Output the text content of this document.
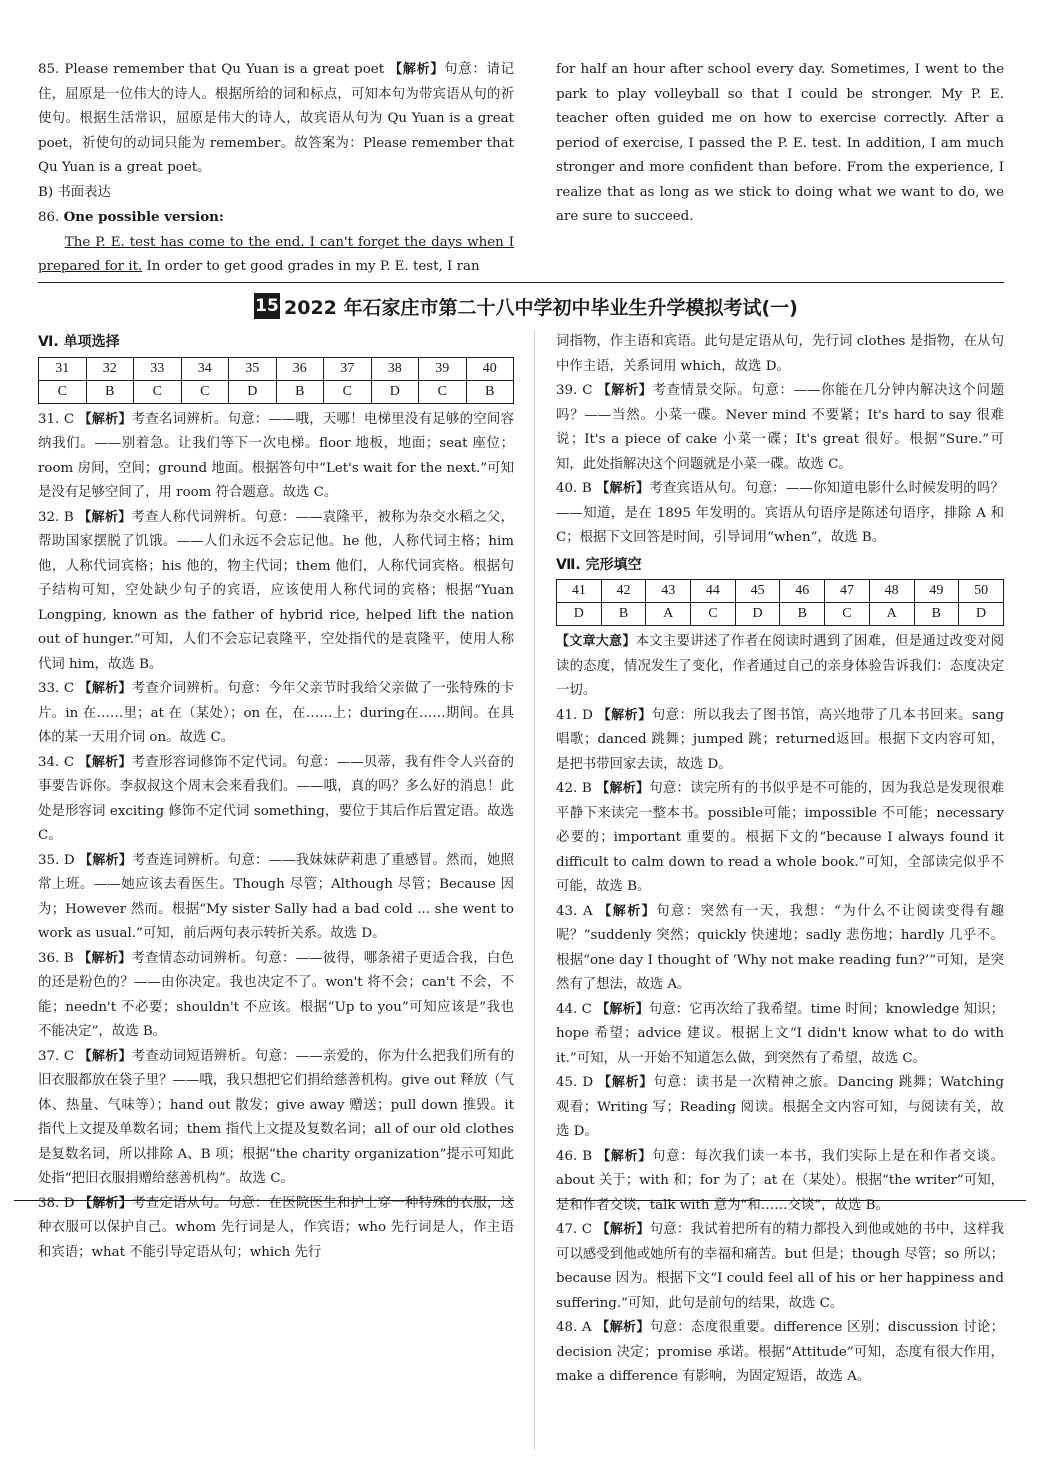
85. Please remember that Qu Yuan is a great poet 【解析】句意：请记住，屈原是一位伟大的诗人。根据所给的词和标点，可知本句为带宾语从句的祈使句。根据生活常识，屈原是伟大的诗人，故宾语从句为 Qu Yuan is a great poet，祈使句的动词只能为 remember。故答案为：Please remember that Qu Yuan is a great poet。

B) 书面表达

86. One possible version:

The P. E. test has come to the end. I can't forget the days when I prepared for it. In order to get good grades in my P. E. test, I ran

for half an hour after school every day. Sometimes, I went to the park to play volleyball so that I could be stronger. My P. E. teacher often guided me on how to exercise correctly. After a period of exercise, I passed the P. E. test. In addition, I am much stronger and more confident than before. From the experience, I realize that as long as we stick to doing what we want to do, we are sure to succeed.

15 2022 年石家庄市第二十八中学初中毕业生升学模拟考试(一)

Ⅵ. 单项选择

31	32	33	34	35	36	37	38	39	40
C	B	C	C	D	B	C	D	C	B

31. C 【解析】考查名词辨析。句意：——哦，天哪！电梯里没有足够的空间容纳我们。——别着急。让我们等下一次电梯。floor 地板，地面；seat 座位；room 房间，空间；ground 地面。根据答句中“Let's wait for the next.”可知是没有足够空间了，用 room 符合题意。故选 C。

32. B 【解析】考查人称代词辨析。句意：——袁隆平，被称为杂交水稻之父，帮助国家摆脱了饥饿。——人们永远不会忘记他。he 他，人称代词主格；him 他，人称代词宾格；his 他的，物主代词；them 他们，人称代词宾格。根据句子结构可知，空处缺少句子的宾语，应该使用人称代词的宾格；根据“Yuan Longping, known as the father of hybrid rice, helped lift the nation out of hunger.”可知，人们不会忘记袁隆平，空处指代的是袁隆平，使用人称代词 him，故选 B。

33. C 【解析】考查介词辨析。句意：今年父亲节时我给父亲做了一张特殊的卡片。in 在……里；at 在（某处）；on 在，在……上；during在……期间。在具体的某一天用介词 on。故选 C。

34. C 【解析】考查形容词修饰不定代词。句意：——贝蒂，我有件令人兴奋的事要告诉你。李叔叔这个周末会来看我们。——哦，真的吗？多么好的消息！此处是形容词 exciting 修饰不定代词 something，要位于其后作后置定语。故选 C。

35. D 【解析】考查连词辨析。句意：——我妹妹萨莉患了重感冒。然而，她照常上班。——她应该去看医生。Though 尽管；Although 尽管；Because 因为；However 然而。根据“My sister Sally had a bad cold ... she went to work as usual.”可知，前后两句表示转折关系。故选 D。

36. B 【解析】考查情态动词辨析。句意：——彼得，哪条裙子更适合我，白色的还是粉色的？——由你决定。我也决定不了。won't 将不会；can't 不会，不能；needn't 不必要；shouldn't 不应该。根据“Up to you”可知应该是“我也不能决定”，故选 B。

37. C 【解析】考查动词短语辨析。句意：——亲爱的，你为什么把我们所有的旧衣服都放在袋子里？——哦，我只想把它们捐给慈善机构。give out 释放（气体、热量、气味等）；hand out 散发；give away 赠送；pull down 推毁。it 指代上文提及单数名词；them 指代上文提及复数名词；all of our old clothes 是复数名词，所以排除 A、B 项；根据“the charity organization”提示可知此处指“把旧衣服捐赠给慈善机构”。故选 C。

38. D 【解析】考查定语从句。句意：在医院医生和护士穿一种特殊的衣服，这种衣服可以保护自己。whom 先行词是人，作宾语；who 先行词是人，作主语和宾语；what 不能引导定语从句；which 先行

词指物，作主语和宾语。此句是定语从句，先行词 clothes 是指物，在从句中作主语，关系词用 which，故选 D。

39. C 【解析】考查情景交际。句意：——你能在几分钟内解决这个问题吗？——当然。小菜一碟。Never mind 不要紧；It's hard to say 很难说；It's a piece of cake 小菜一碟；It's great 很好。根据“Sure.”可知，此处指解决这个问题就是小菜一碟。故选 C。

40. B 【解析】考查宾语从句。句意：——你知道电影什么时候发明的吗？——知道，是在 1895 年发明的。宾语从句语序是陈述句语序，排除 A 和 C；根据下文回答是时间，引导词用“when”，故选 B。

Ⅶ. 完形填空

41	42	43	44	45	46	47	48	49	50
D	B	A	C	D	B	C	A	B	D

【文章大意】本文主要讲述了作者在阅读时遇到了困难，但是通过改变对阅读的态度，情况发生了变化，作者通过自己的亲身体验告诉我们：态度决定一切。

41. D 【解析】句意：所以我去了图书馆，高兴地带了几本书回来。sang 唱歌；danced 跳舞；jumped 跳；returned返回。根据下文内容可知，是把书带回家去读，故选 D。

42. B 【解析】句意：读完所有的书似乎是不可能的，因为我总是发现很难平静下来读完一整本书。possible可能；impossible 不可能；necessary 必要的；important 重要的。根据下文的“because I always found it difficult to calm down to read a whole book.”可知，全部读完似乎不可能，故选 B。

43. A 【解析】句意：突然有一天，我想：“为什么不让阅读变得有趣呢？”suddenly 突然；quickly 快速地；sadly 悲伤地；hardly 几乎不。根据“one day I thought of ‘Why not make reading fun?’”可知，是突然有了想法，故选 A。

44. C 【解析】句意：它再次给了我希望。time 时间；knowledge 知识；hope 希望；advice 建议。根据上文“I didn't know what to do with it.”可知，从一开始不知道怎么做，到突然有了希望，故选 C。

45. D 【解析】句意：读书是一次精神之旅。Dancing 跳舞；Watching 观看；Writing 写；Reading 阅读。根据全文内容可知，与阅读有关，故选 D。

46. B 【解析】句意：每次我们读一本书，我们实际上是在和作者交谈。about 关于；with 和；for 为了；at 在（某处）。根据“the writer”可知，是和作者交谈，talk with 意为“和……交谈”，故选 B。

47. C 【解析】句意：我试着把所有的精力都投入到他或她的书中，这样我可以感受到他或她所有的幸福和痛苦。but 但是；though 尽管；so 所以；because 因为。根据下文“I could feel all of his or her happiness and suffering.”可知，此句是前句的结果，故选 C。

48. A 【解析】句意：态度很重要。difference 区别；discussion 讨论；decision 决定；promise 承诺。根据“Attitude”可知，态度有很大作用，make a difference 有影响，为固定短语，故选 A。
